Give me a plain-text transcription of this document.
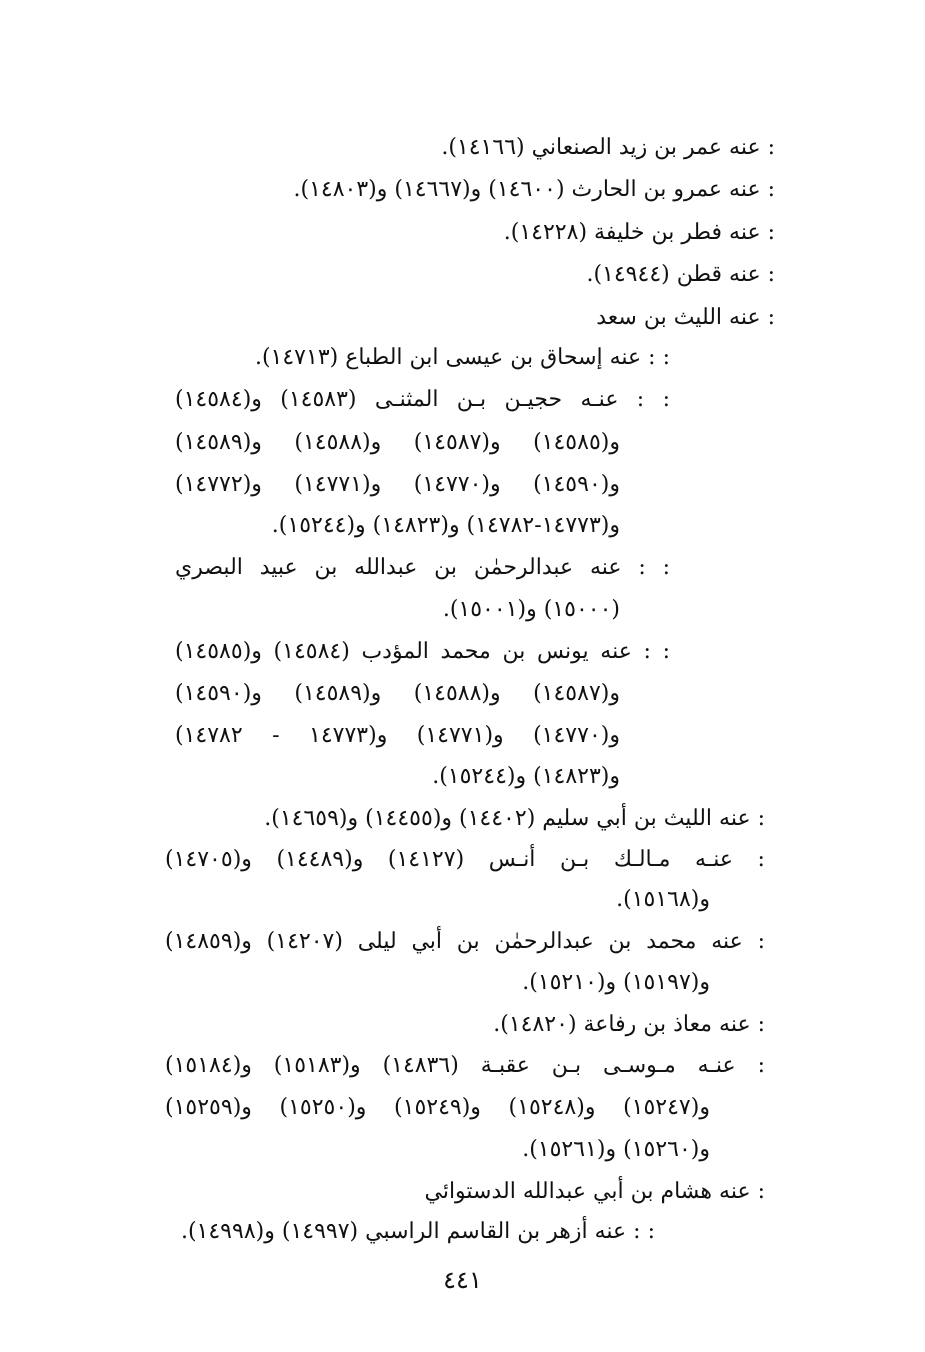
: عنه عمر بن زيد الصنعاني (١٤١٦٦).
: عنه عمرو بن الحارث (١٤٦٠٠) و(١٤٦٦٧) و(١٤٨٠٣).
: عنه فطر بن خليفة (١٤٢٢٨).
: عنه قطن (١٤٩٤٤).
: عنه الليث بن سعد
: : عنه إسحاق بن عيسى ابن الطباع (١٤٧١٣).
: : عنـه حجيـن بـن المثنـى (١٤٥٨٣) و(١٤٥٨٤)
و(١٤٥٨٥) و(١٤٥٨٧) و(١٤٥٨٨) و(١٤٥٨٩)
و(١٤٥٩٠) و(١٤٧٧٠) و(١٤٧٧١) و(١٤٧٧٢)
و(١٤٧٧٣-١٤٧٨٢) و(١٤٨٢٣) و(١٥٢٤٤).
: : عنه عبدالرحمٰن بن عبدالله بن عبيد البصري
(١٥٠٠٠) و(١٥٠٠١).
: : عنه يونس بن محمد المؤدب (١٤٥٨٤) و(١٤٥٨٥)
و(١٤٥٨٧) و(١٤٥٨٨) و(١٤٥٨٩) و(١٤٥٩٠)
و(١٤٧٧٠) و(١٤٧٧١) و(١٤٧٧٣ - ١٤٧٨٢)
و(١٤٨٢٣) و(١٥٢٤٤).
: عنه الليث بن أبي سليم (١٤٤٠٢) و(١٤٤٥٥) و(١٤٦٥٩).
: عنـه مـالـك بـن أنـس (١٤١٢٧) و(١٤٤٨٩) و(١٤٧٠٥)
و(١٥١٦٨).
: عنه محمد بن عبدالرحمٰن بن أبي ليلى (١٤٢٠٧) و(١٤٨٥٩)
و(١٥١٩٧) و(١٥٢١٠).
: عنه معاذ بن رفاعة (١٤٨٢٠).
: عنـه مـوسـى بـن عقبـة (١٤٨٣٦) و(١٥١٨٣) و(١٥١٨٤)
و(١٥٢٤٧) و(١٥٢٤٨) و(١٥٢٤٩) و(١٥٢٥٠) و(١٥٢٥٩)
و(١٥٢٦٠) و(١٥٢٦١).
: عنه هشام بن أبي عبدالله الدستوائي
: : عنه أزهر بن القاسم الراسبي (١٤٩٩٧) و(١٤٩٩٨).
٤٤١
